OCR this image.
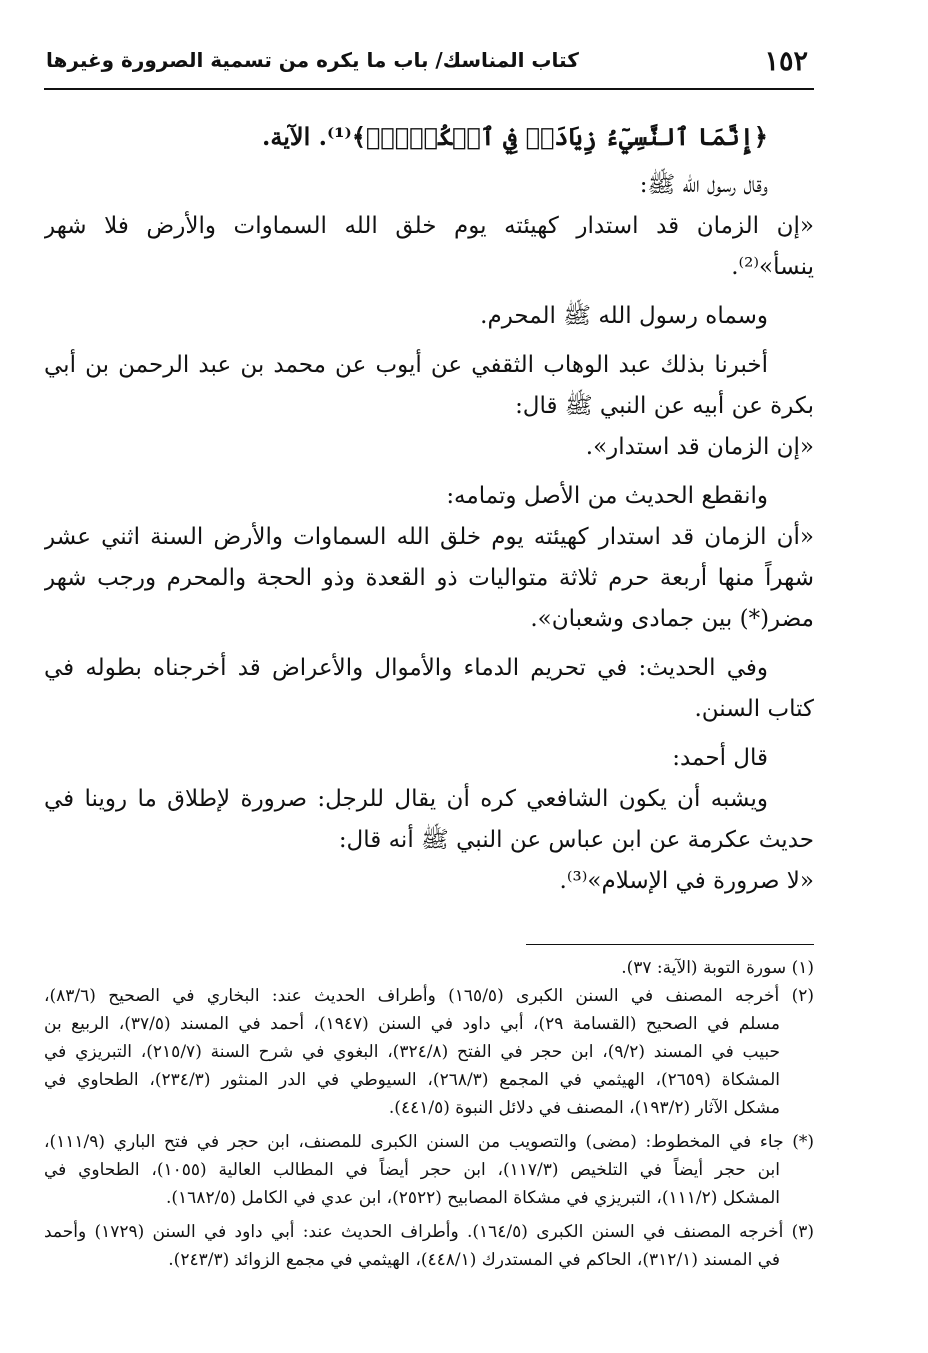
١٥٢
كتاب المناسك/ باب ما يكره من تسمية الصرورة وغيرها
﴿إِنَّمَا ٱلنَّسِيٓءُ زِيَادَةٞ فِي ٱلۡكُفۡرِۖ﴾⁽¹⁾. الآية.
وقال رسول الله ﷺ:
«إن الزمان قد استدار كهيئته يوم خلق الله السماوات والأرض فلا شهر
ينسأ»⁽²⁾.
وسماه رسول الله ﷺ المحرم.
أخبرنا بذلك عبد الوهاب الثقفي عن أيوب عن محمد بن عبد الرحمن بن أبي
بكرة عن أبيه عن النبي ﷺ قال:
«إن الزمان قد استدار».
وانقطع الحديث من الأصل وتمامه:
«أن الزمان قد استدار كهيئته يوم خلق الله السماوات والأرض السنة اثني عشر
شهراً منها أربعة حرم ثلاثة متواليات ذو القعدة وذو الحجة والمحرم ورجب شهر
مضر(*) بين جمادى وشعبان».
وفي الحديث: في تحريم الدماء والأموال والأعراض قد أخرجناه بطوله في
كتاب السنن.
قال أحمد:
ويشبه أن يكون الشافعي كره أن يقال للرجل: صرورة لإطلاق ما روينا في
حديث عكرمة عن ابن عباس عن النبي ﷺ أنه قال:
«لا صرورة في الإسلام»⁽³⁾.
(١) سورة التوبة (الآية: ٣٧).
(٢) أخرجه المصنف في السنن الكبرى (١٦٥/٥) وأطراف الحديث عند: البخاري في الصحيح (٨٣/٦)،
مسلم في الصحيح (القسامة ٢٩)، أبي داود في السنن (١٩٤٧)، أحمد في المسند (٣٧/٥)، الربيع بن
حبيب في المسند (٩/٢)، ابن حجر في الفتح (٣٢٤/٨)، البغوي في شرح السنة (٢١٥/٧)، التبريزي في
المشكاة (٢٦٥٩)، الهيثمي في المجمع (٢٦٨/٣)، السيوطي في الدر المنثور (٢٣٤/٣)، الطحاوي في
مشكل الآثار (١٩٣/٢)، المصنف في دلائل النبوة (٤٤١/٥).
(*) جاء في المخطوط: (مضى) والتصويب من السنن الكبرى للمصنف، ابن حجر في فتح الباري (١١١/٩)،
ابن حجر أيضاً في التلخيص (١١٧/٣)، ابن حجر أيضاً في المطالب العالية (١٠٥٥)، الطحاوي في
المشكل (١١١/٢)، التبريزي في مشكاة المصابيح (٢٥٢٢)، ابن عدي في الكامل (١٦٨٢/٥).
(٣) أخرجه المصنف في السنن الكبرى (١٦٤/٥). وأطراف الحديث عند: أبي داود في السنن (١٧٢٩) وأحمد
في المسند (٣١٢/١)، الحاكم في المستدرك (٤٤٨/١)، الهيثمي في مجمع الزوائد (٢٤٣/٣).
